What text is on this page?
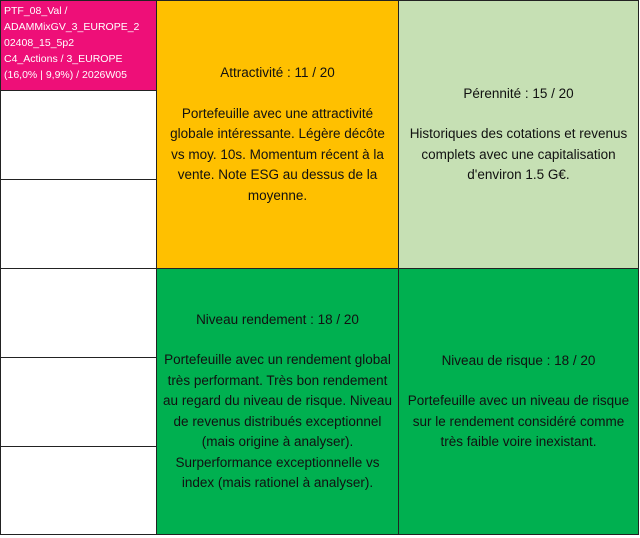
PTF_08_Val /
ADAMMixGV_3_EUROPE_2
02408_15_5p2
C4_Actions / 3_EUROPE
(16,0% | 9,9%) / 2026W05	Attractivité : 11 / 20
Portefeuille avec une attractivité globale intéressante. Légère décôte vs moy. 10s. Momentum récent à la vente. Note ESG au dessus de la moyenne.
Pérennité : 15 / 20
Historiques des cotations et revenus complets avec une capitalisation d'environ 1.5 G€.
Niveau rendement : 18 / 20
Portefeuille avec un rendement global très performant. Très bon rendement au regard du niveau de risque. Niveau de revenus distribués exceptionnel (mais origine à analyser). Surperformance exceptionnelle vs index (mais rationel à analyser).
Niveau de risque : 18 / 20
Portefeuille avec un niveau de risque sur le rendement considéré comme très faible voire inexistant.
